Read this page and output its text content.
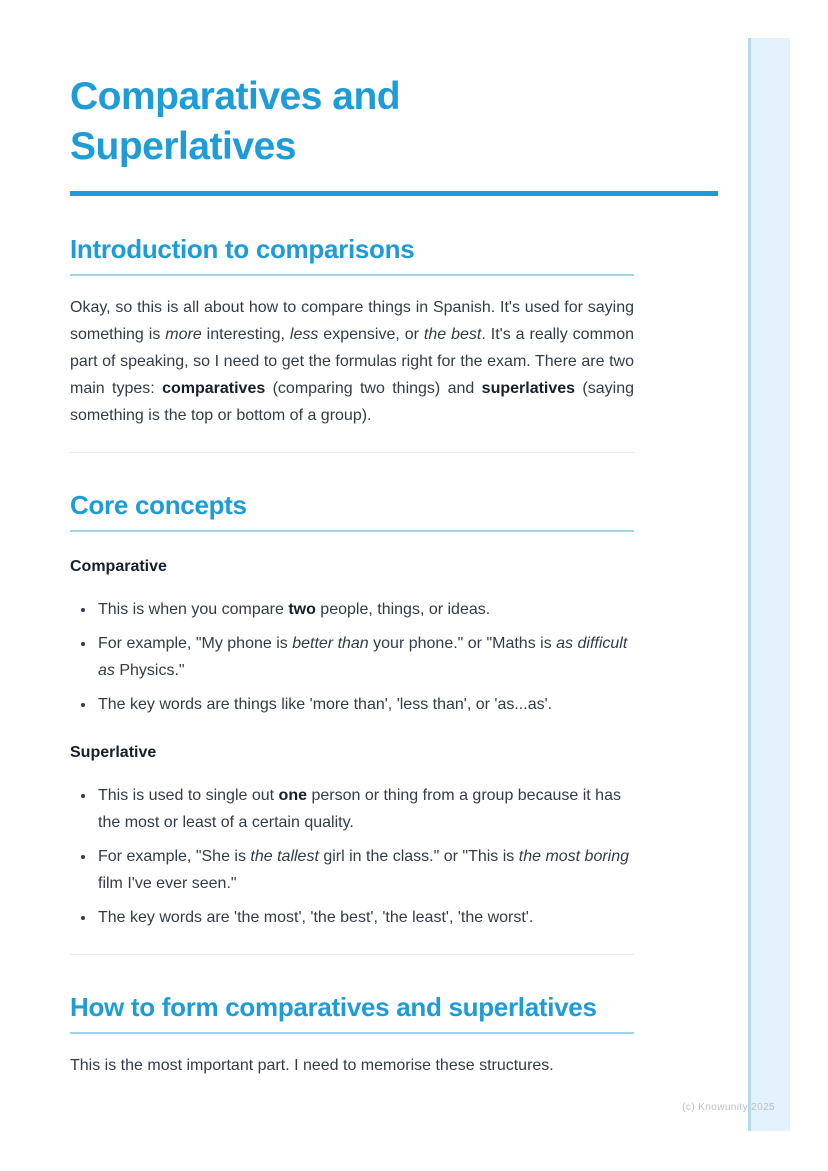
Comparatives and Superlatives
Introduction to comparisons

Okay, so this is all about how to compare things in Spanish. It's used for saying something is more interesting, less expensive, or the best. It's a really common part of speaking, so I need to get the formulas right for the exam. There are two main types: comparatives (comparing two things) and superlatives (saying something is the top or bottom of a group).

Core concepts
Comparative
• This is when you compare two people, things, or ideas.
• For example, "My phone is better than your phone." or "Maths is as difficult as Physics."
• The key words are things like 'more than', 'less than', or 'as...as'.
Superlative
• This is used to single out one person or thing from a group because it has the most or least of a certain quality.
• For example, "She is the tallest girl in the class." or "This is the most boring film I've ever seen."
• The key words are 'the most', 'the best', 'the least', 'the worst'.
How to form comparatives and superlatives

This is the most important part. I need to memorise these structures.

(c) Knowunity 2025
